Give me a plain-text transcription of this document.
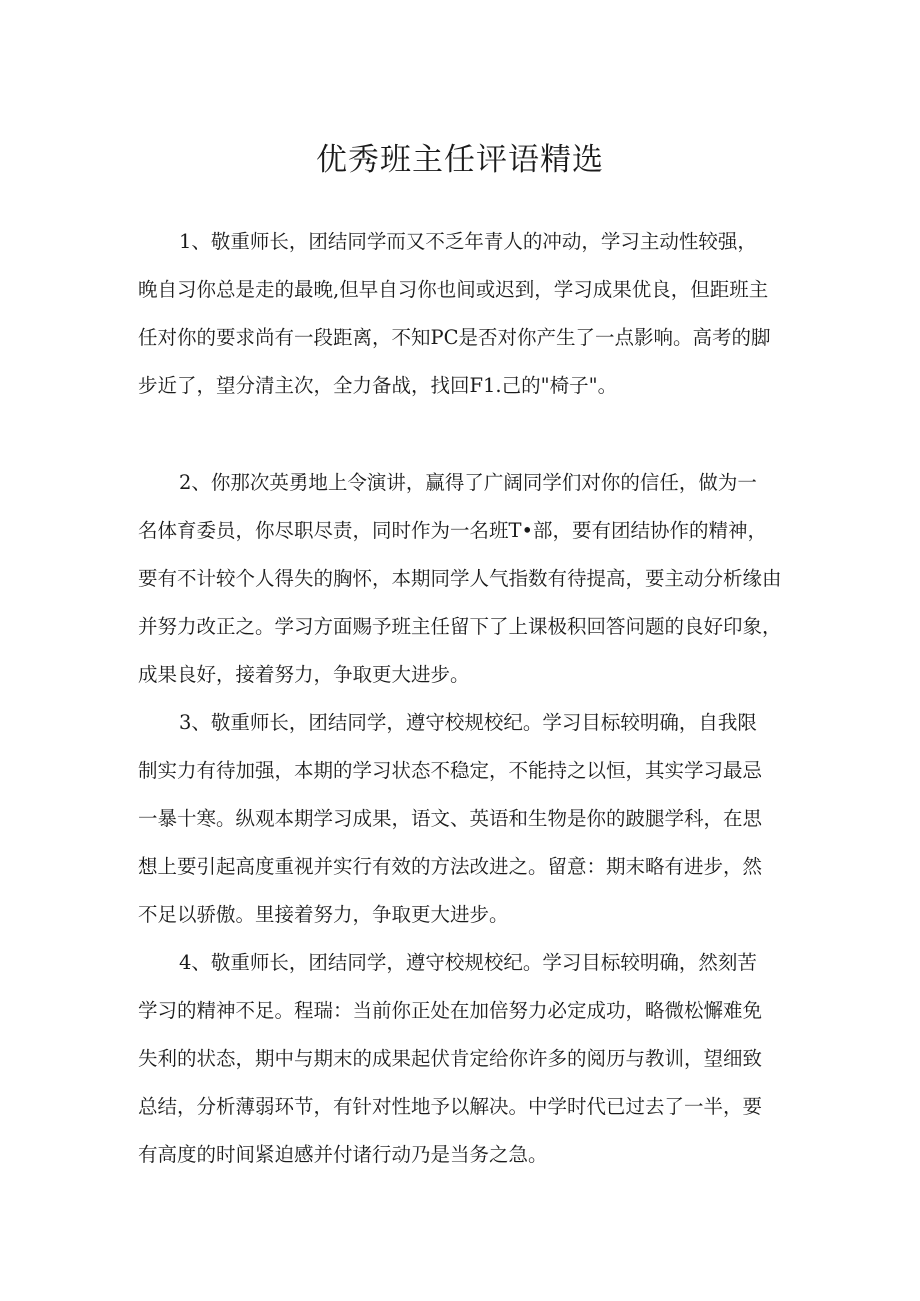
优秀班主任评语精选
1、敬重师长，团结同学而又不乏年青人的冲动，学习主动性较强，
晚自习你总是走的最晚,但早自习你也间或迟到，学习成果优良，但距班主
任对你的要求尚有一段距离，不知PC是否对你产生了一点影响。高考的脚
步近了，望分清主次，全力备战，找回F1.己的"椅子"。
2、你那次英勇地上令演讲，赢得了广阔同学们对你的信任，做为一
名体育委员，你尽职尽责，同时作为一名班T•部，要有团结协作的精神，
要有不计较个人得失的胸怀，本期同学人气指数有待提高，要主动分析缘由
并努力改正之。学习方面赐予班主任留下了上课极积回答问题的良好印象，
成果良好，接着努力，争取更大进步。
3、敬重师长，团结同学，遵守校规校纪。学习目标较明确，自我限
制实力有待加强，本期的学习状态不稳定，不能持之以恒，其实学习最忌
一暴十寒。纵观本期学习成果，语文、英语和生物是你的跛腿学科，在思
想上要引起高度重视并实行有效的方法改进之。留意：期末略有进步，然
不足以骄傲。里接着努力，争取更大进步。
4、敬重师长，团结同学，遵守校规校纪。学习目标较明确，然刻苦
学习的精神不足。程瑞：当前你正处在加倍努力必定成功，略微松懈难免
失利的状态，期中与期末的成果起伏肯定给你许多的阅历与教训，望细致
总结，分析薄弱环节，有针对性地予以解决。中学时代已过去了一半，要
有高度的时间紧迫感并付诸行动乃是当务之急。
